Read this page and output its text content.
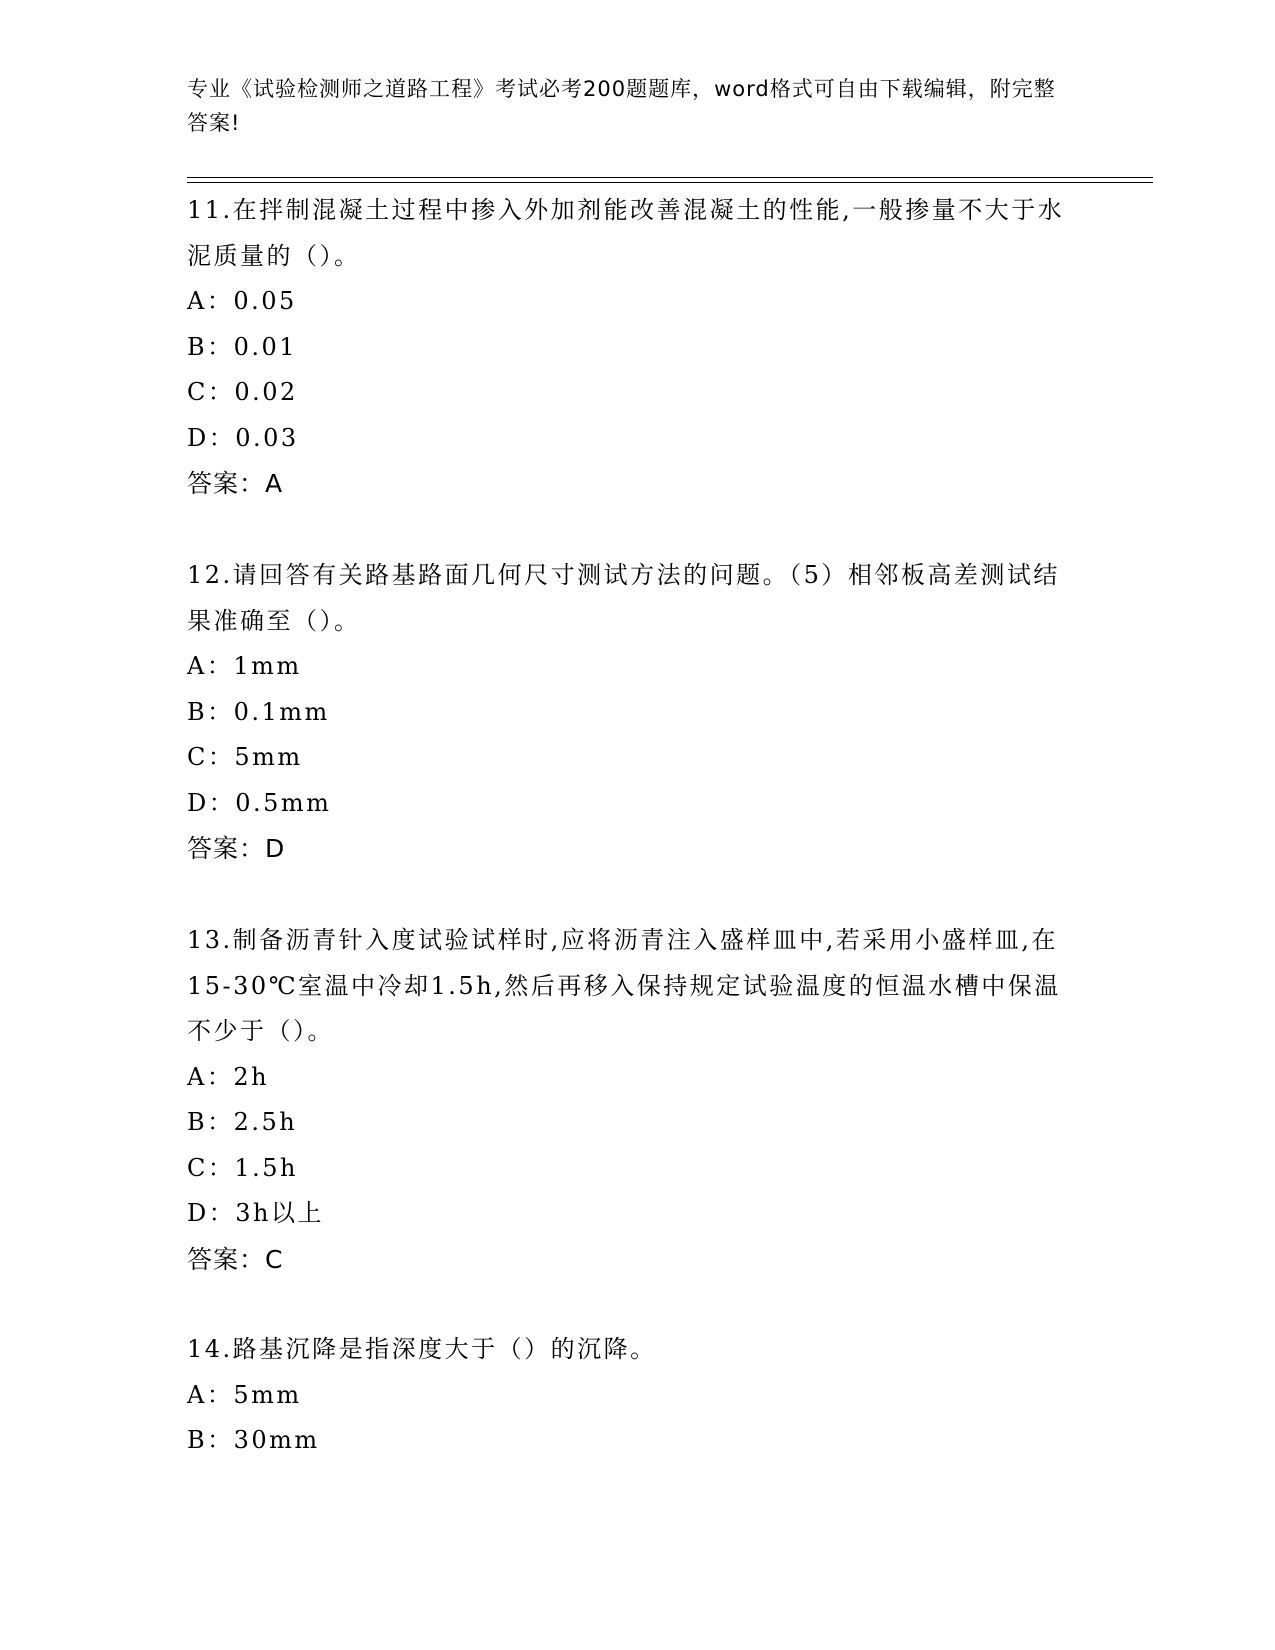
专业《试验检测师之道路工程》考试必考200题题库，word格式可自由下载编辑，附完整答案!
11.在拌制混凝土过程中掺入外加剂能改善混凝土的性能,一般掺量不大于水泥质量的（）。
A：0.05
B：0.01
C：0.02
D：0.03
答案：A
12.请回答有关路基路面几何尺寸测试方法的问题。（5）相邻板高差测试结果准确至（）。
A：1mm
B：0.1mm
C：5mm
D：0.5mm
答案：D
13.制备沥青针入度试验试样时,应将沥青注入盛样皿中,若采用小盛样皿,在15-30℃室温中冷却1.5h,然后再移入保持规定试验温度的恒温水槽中保温不少于（）。
A：2h
B：2.5h
C：1.5h
D：3h以上
答案：C
14.路基沉降是指深度大于（）的沉降。
A：5mm
B：30mm
